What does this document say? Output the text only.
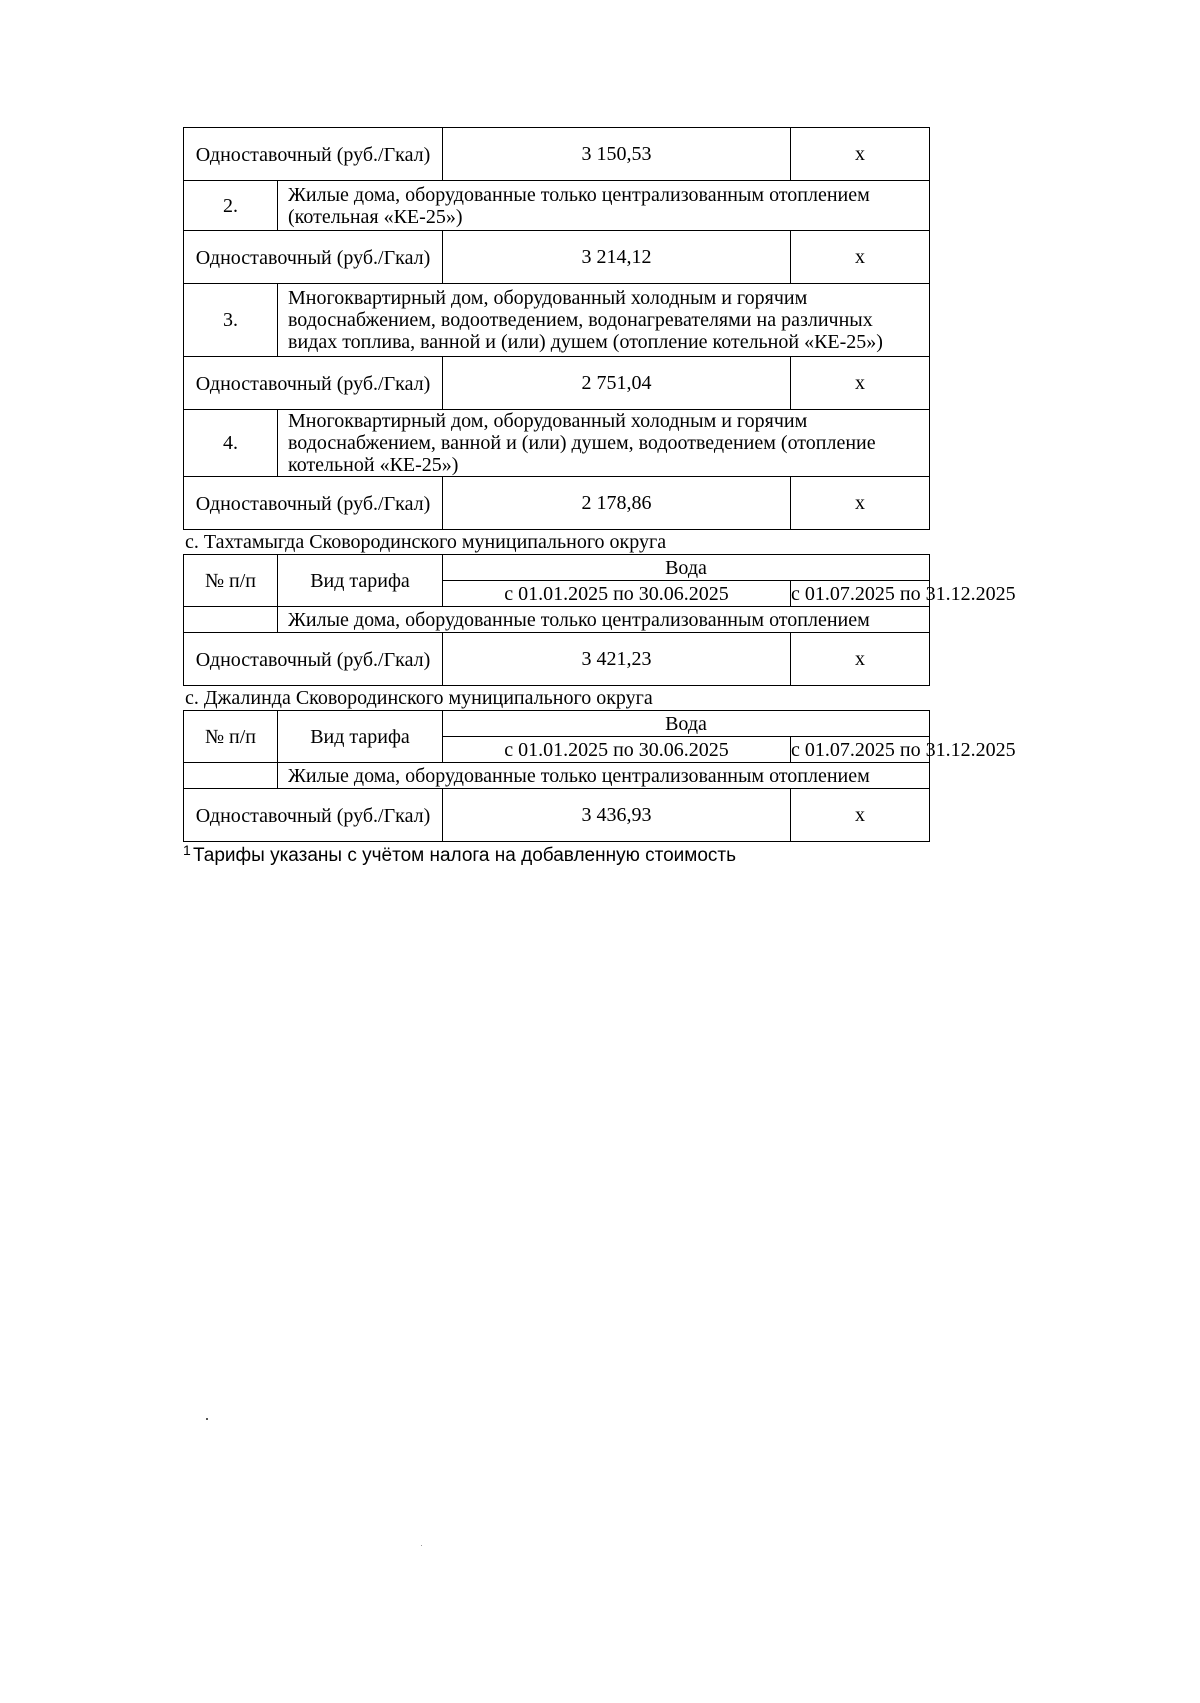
Одноставочный (руб./Гкал)		3 150,53	x
2.	Жилые дома, оборудованные только централизованным отоплением (котельная «КЕ-25»)		
Одноставочный (руб./Гкал)		3 214,12	x
3.	Многоквартирный дом, оборудованный холодным и горячим водоснабжением, водоотведением, водонагревателями на различных видах топлива, ванной и (или) душем (отопление котельной «КЕ-25»)		
Одноставочный (руб./Гкал)		2 751,04	x
4.	Многоквартирный дом, оборудованный холодным и горячим водоснабжением, ванной и (или) душем, водоотведением (отопление котельной «КЕ-25»)		
Одноставочный (руб./Гкал)		2 178,86	x
с. Тахтамыгда Сковородинского муниципального округа
№ п/п	Вид тарифа	Вода	
		с 01.01.2025 по 30.06.2025	с 01.07.2025 по 31.12.2025
	Жилые дома, оборудованные только централизованным отоплением		
Одноставочный (руб./Гкал)		3 421,23	x
с. Джалинда Сковородинского муниципального округа
№ п/п	Вид тарифа	Вода	
		с 01.01.2025 по 30.06.2025	с 01.07.2025 по 31.12.2025
	Жилые дома, оборудованные только централизованным отоплением		
Одноставочный (руб./Гкал)		3 436,93	x
1 Тарифы указаны с учётом налога на добавленную стоимость
